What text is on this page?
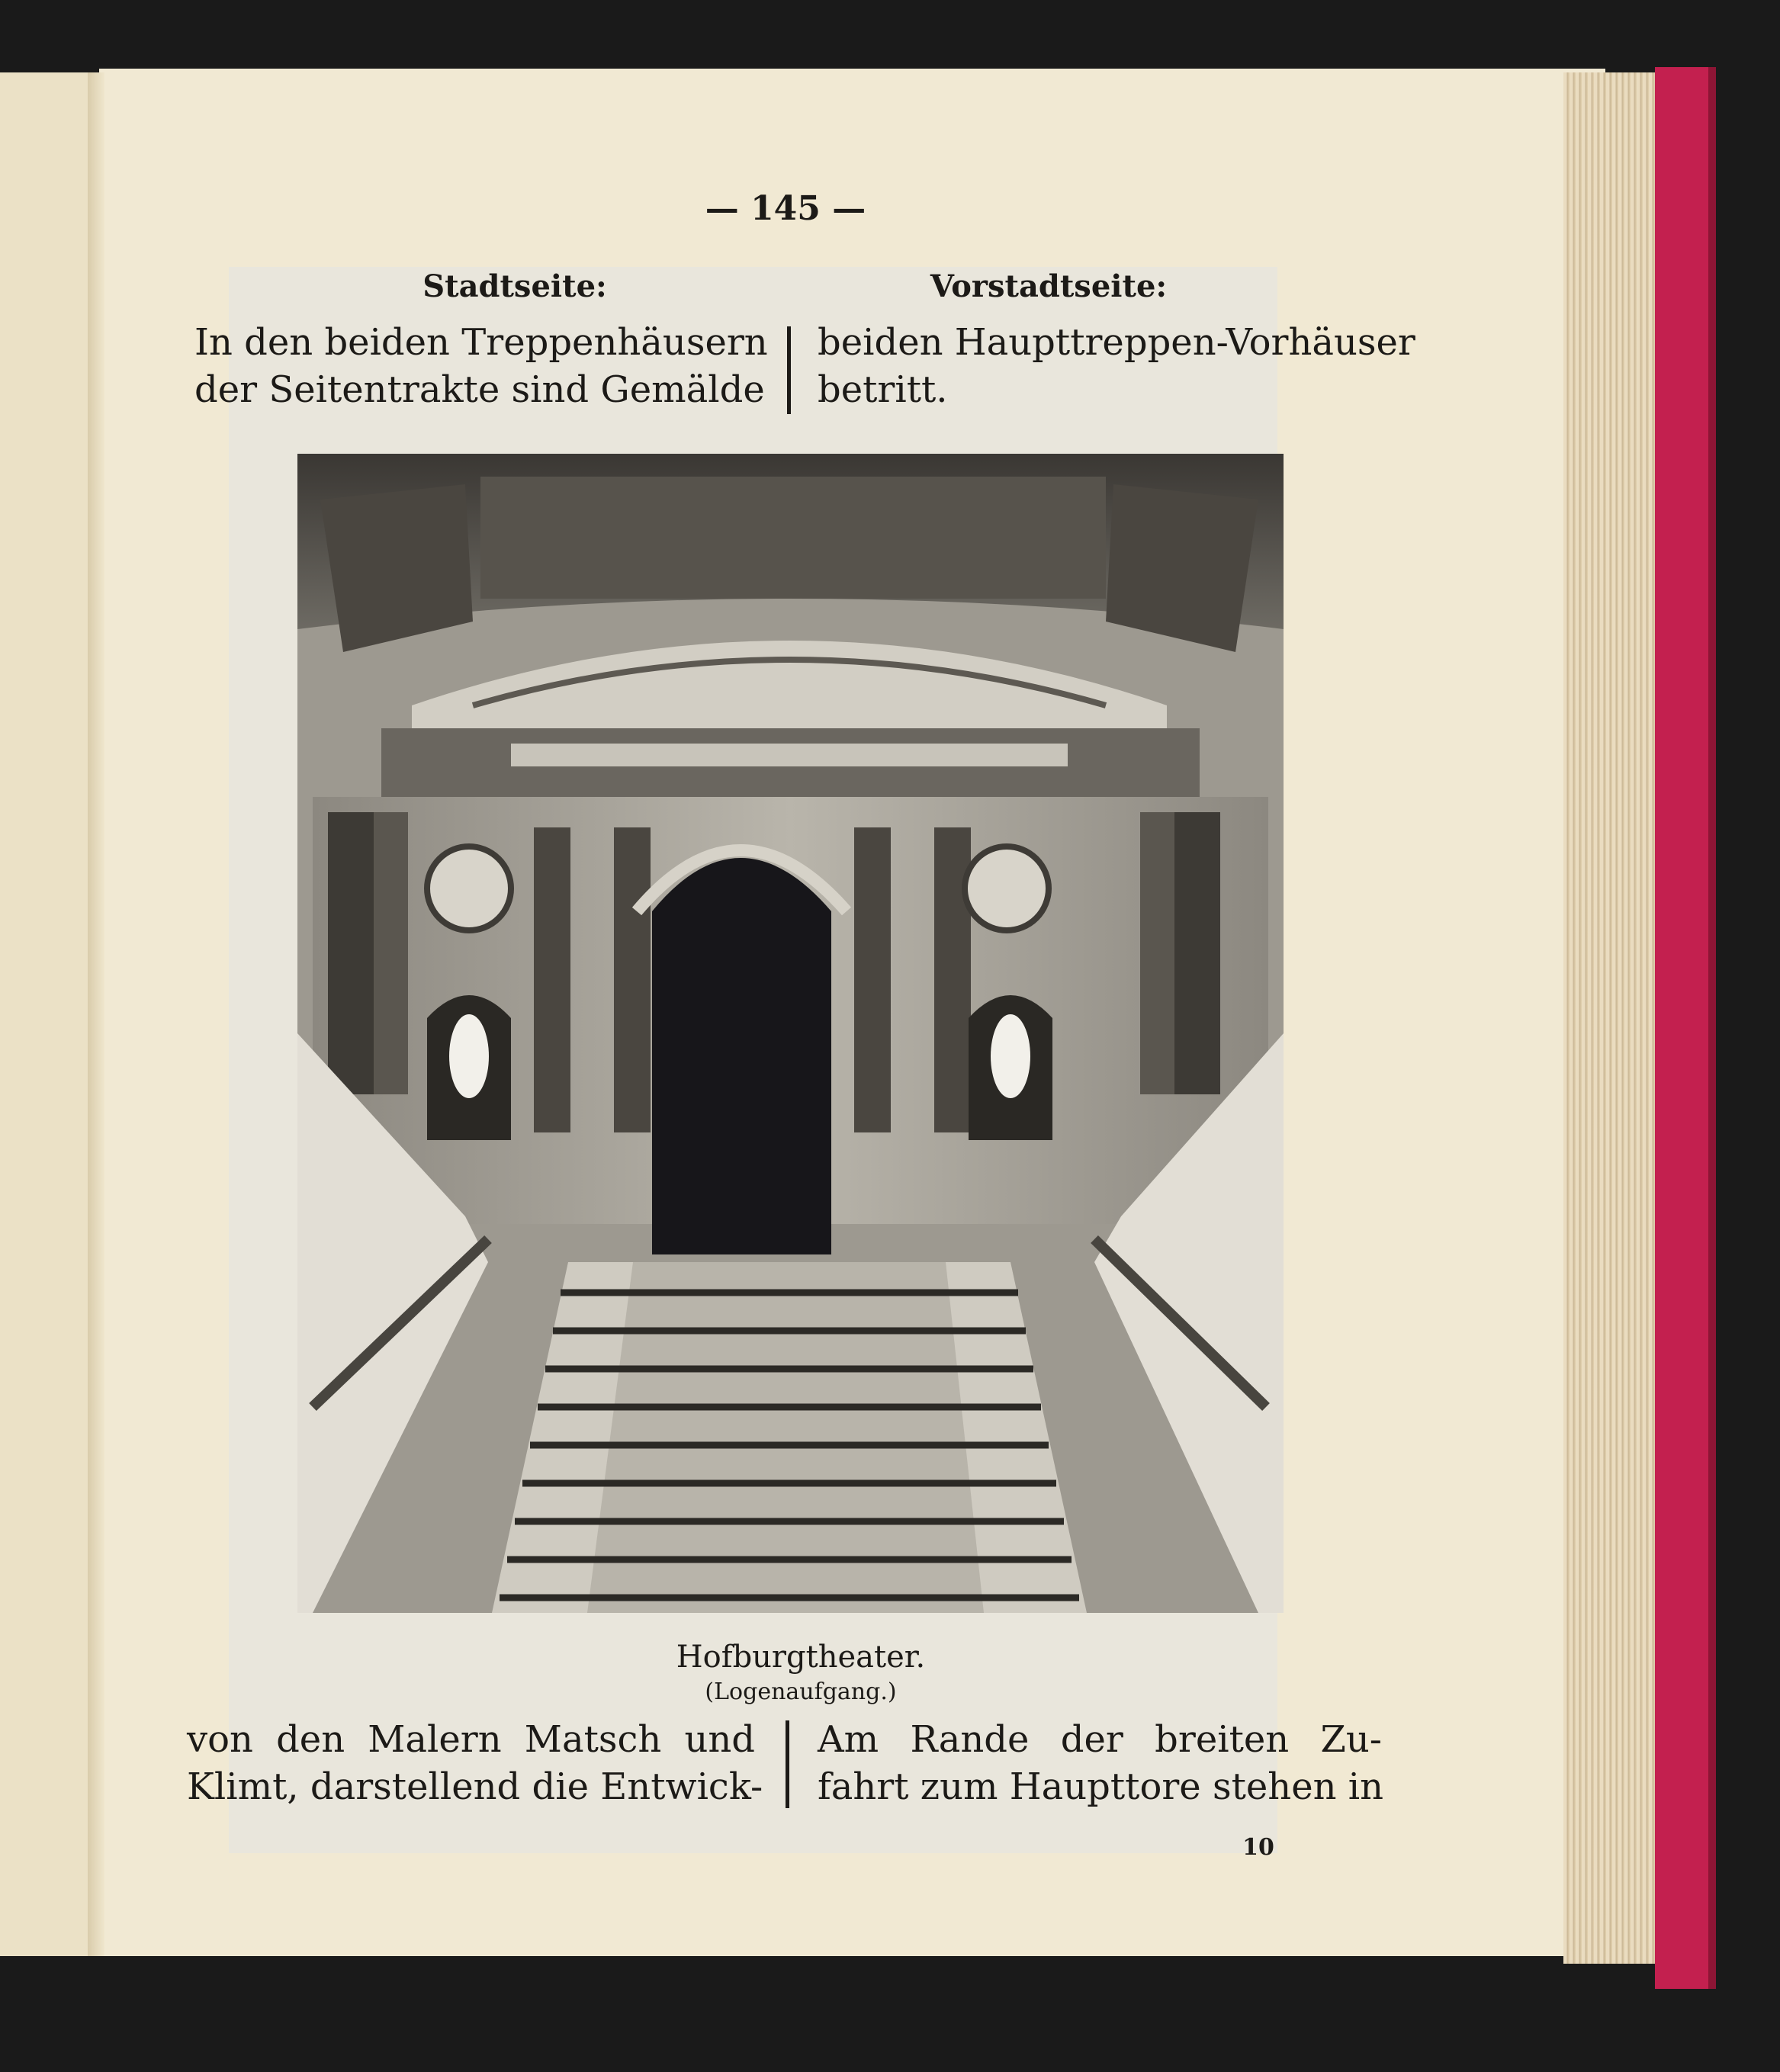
— 145 —
Stadtseite:	Vorstadtseite:
In den beiden Treppenhäusern
der Seitentrakte sind Gemälde
beiden Haupttreppen-Vorhäuser
betritt.
Hofburgtheater.
(Logenaufgang.)
von den Malern Matsch und
Klimt, darstellend die Entwick-
Am Rande der breiten Zu-
fahrt zum Haupttore stehen in
10
